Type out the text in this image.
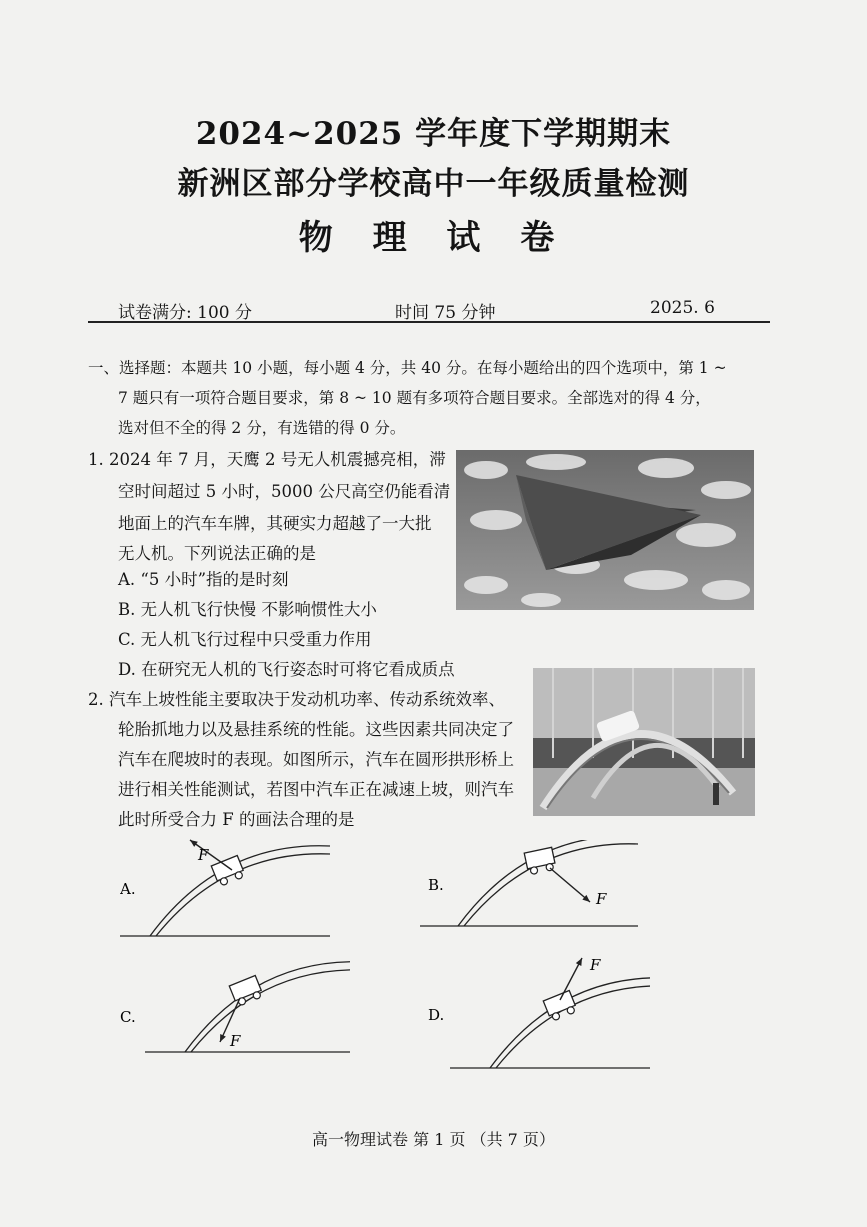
2024~2025 学年度下学期期末
新洲区部分学校高中一年级质量检测
物 理 试 卷
试卷满分: 100 分	时间 75 分钟	2025. 6
一、选择题：本题共 10 小题，每小题 4 分，共 40 分。在每小题给出的四个选项中，第 1 ~
7 题只有一项符合题目要求，第 8 ~ 10 题有多项符合题目要求。全部选对的得 4 分，
选对但不全的得 2 分，有选错的得 0 分。
1. 2024 年 7 月，天鹰 2 号无人机震撼亮相，滞
空时间超过 5 小时，5000 公尺高空仍能看清
地面上的汽车车牌，其硬实力超越了一大批
无人机。下列说法正确的是
A. “5 小时”指的是时刻
B. 无人机飞行快慢 不影响惯性大小
C. 无人机飞行过程中只受重力作用
D. 在研究无人机的飞行姿态时可将它看成质点
2. 汽车上坡性能主要取决于发动机功率、传动系统效率、
轮胎抓地力以及悬挂系统的性能。这些因素共同决定了
汽车在爬坡时的表现。如图所示，汽车在圆形拱形桥上
进行相关性能测试，若图中汽车正在减速上坡，则汽车
此时所受合力 F 的画法合理的是
F
A.
F
B.
F
C.
F
D.
高一物理试卷 第 1 页 （共 7 页）
